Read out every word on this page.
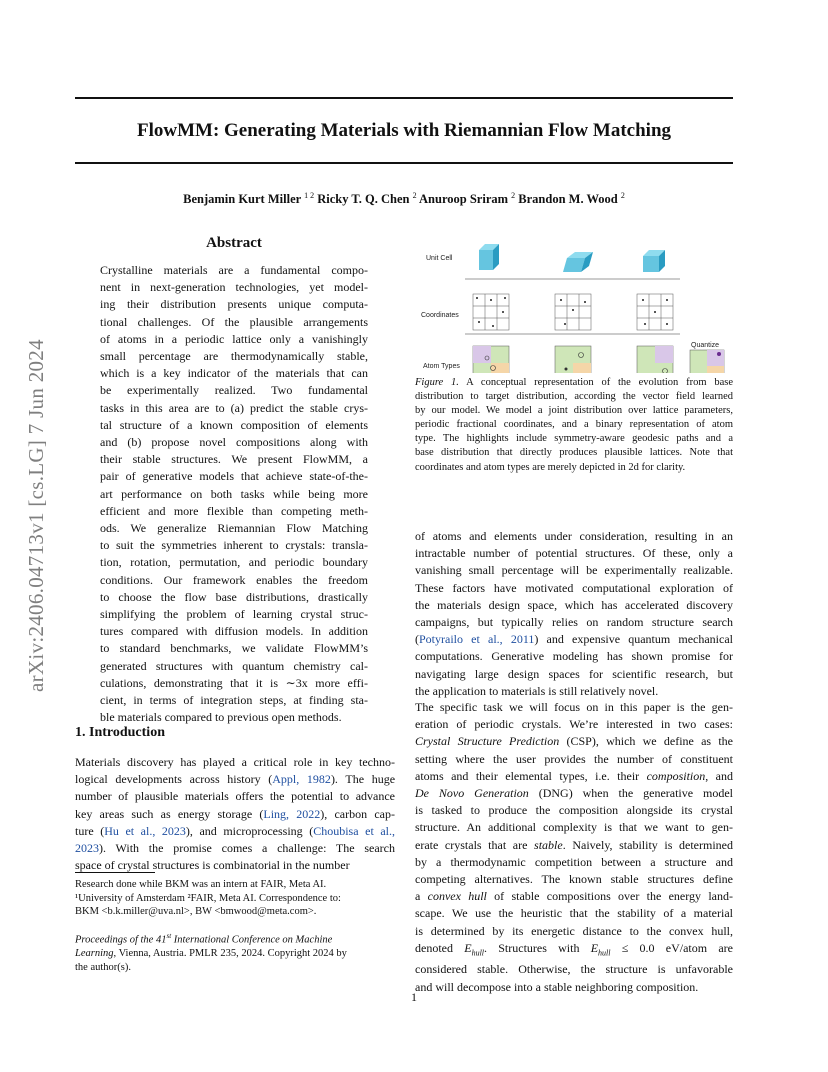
FlowMM: Generating Materials with Riemannian Flow Matching
Benjamin Kurt Miller $^{1 2}$ Ricky T. Q. Chen $^2$ Anuroop Sriram $^2$ Brandon M. Wood $^2$
arXiv:2406.04713v1 [cs.LG] 7 Jun 2024
Abstract
Crystalline materials are a fundamental compo-
nent in next-generation technologies, yet model-
ing their distribution presents unique computa-
tional challenges. Of the plausible arrangements
of atoms in a periodic lattice only a vanishingly
small percentage are thermodynamically stable,
which is a key indicator of the materials that can
be experimentally realized. Two fundamental
tasks in this area are to (a) predict the stable crys-
tal structure of a known composition of elements
and (b) propose novel compositions along with
their stable structures. We present FlowMM, a
pair of generative models that achieve state-of-the-
art performance on both tasks while being more
efficient and more flexible than competing meth-
ods. We generalize Riemannian Flow Matching
to suit the symmetries inherent to crystals: transla-
tion, rotation, permutation, and periodic boundary
conditions. Our framework enables the freedom
to choose the flow base distributions, drastically
simplifying the problem of learning crystal struc-
tures compared with diffusion models. In addition
to standard benchmarks, we validate FlowMM’s
generated structures with quantum chemistry cal-
culations, demonstrating that it is ∼3x more effi-
cient, in terms of integration steps, at finding sta-
ble materials compared to previous open methods.
1. Introduction
Materials discovery has played a critical role in key techno-
logical developments across history (Appl, 1982). The huge
number of plausible materials offers the potential to advance
key areas such as energy storage (Ling, 2022), carbon cap-
ture (Hu et al., 2023), and microprocessing (Choubisa et al.,
2023). With the promise comes a challenge: The search
space of crystal structures is combinatorial in the number
Research done while BKM was an intern at FAIR, Meta AI.
¹University of Amsterdam ²FAIR, Meta AI. Correspondence to:
BKM <b.k.miller@uva.nl>, BW <bmwood@meta.com>.
Proceedings of the 41st International Conference on Machine
Learning, Vienna, Austria. PMLR 235, 2024. Copyright 2024 by
the author(s).
Unit Cell
Coordinates
Atom Types
Quantize
Figure 1. A conceptual representation of the evolution from base
distribution to target distribution, according the vector field learned
by our model. We model a joint distribution over lattice parameters,
periodic fractional coordinates, and a binary representation of atom
type. The highlights include symmetry-aware geodesic paths and a
base distribution that directly produces plausible lattices. Note that
coordinates and atom types are merely depicted in 2d for clarity.
of atoms and elements under consideration, resulting in an
intractable number of potential structures. Of these, only a
vanishing small percentage will be experimentally realizable.
These factors have motivated computational exploration of
the materials design space, which has accelerated discovery
campaigns, but typically relies on random structure search
(Potyrailo et al., 2011) and expensive quantum mechanical
computations. Generative modeling has shown promise for
navigating large design spaces for scientific research, but
the application to materials is still relatively novel.
The specific task we will focus on in this paper is the gen-
eration of periodic crystals. We’re interested in two cases:
Crystal Structure Prediction (CSP), which we define as the
setting where the user provides the number of constituent
atoms and their elemental types, i.e. their composition, and
De Novo Generation (DNG) when the generative model
is tasked to produce the composition alongside its crystal
structure. An additional complexity is that we want to gen-
erate crystals that are stable. Naively, stability is determined
by a thermodynamic competition between a structure and
competing alternatives. The known stable structures define
a convex hull of stable compositions over the energy land-
scape. We use the heuristic that the stability of a material
is determined by its energetic distance to the convex hull,
denoted $E_{hull}$. Structures with $E_{hull} \le 0.0$ eV/atom are
considered stable. Otherwise, the structure is unfavorable
and will decompose into a stable neighboring composition.
1
